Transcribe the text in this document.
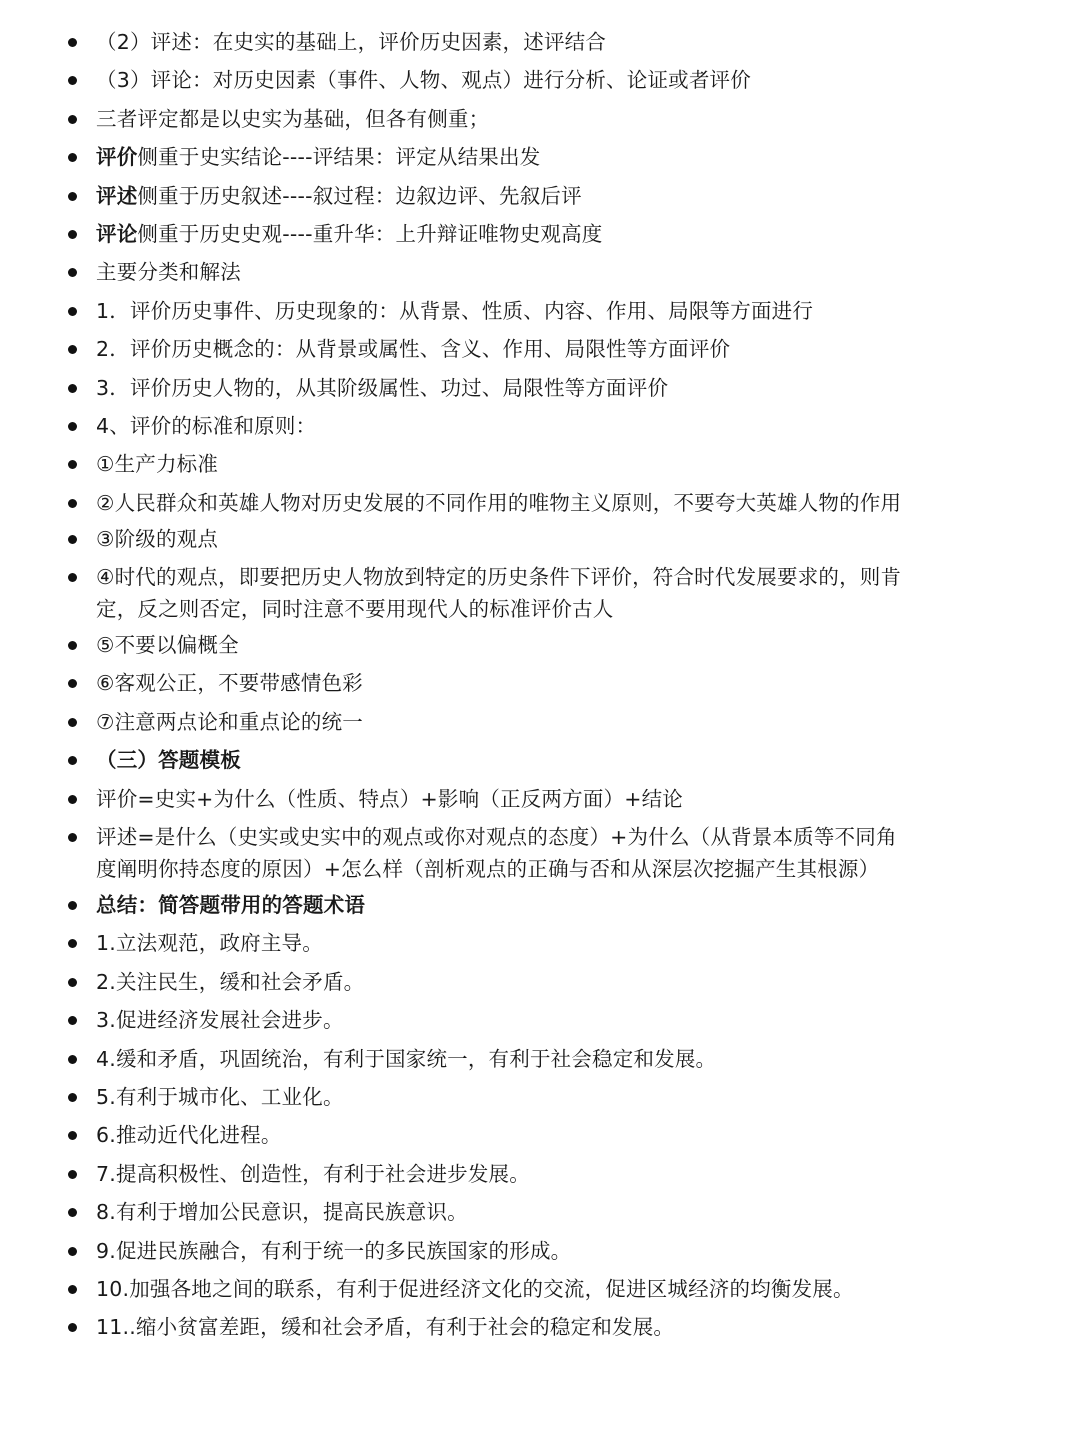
（2）评述：在史实的基础上，评价历史因素，述评结合
（3）评论：对历史因素（事件、人物、观点）进行分析、论证或者评价
三者评定都是以史实为基础，但各有侧重；
评价侧重于史实结论----评结果：评定从结果出发
评述侧重于历史叙述----叙过程：边叙边评、先叙后评
评论侧重于历史史观----重升华：上升辩证唯物史观高度
主要分类和解法
1．评价历史事件、历史现象的：从背景、性质、内容、作用、局限等方面进行
2．评价历史概念的：从背景或属性、含义、作用、局限性等方面评价
3．评价历史人物的，从其阶级属性、功过、局限性等方面评价
4、评价的标准和原则：
①生产力标准
②人民群众和英雄人物对历史发展的不同作用的唯物主义原则，不要夸大英雄人物的作用
③阶级的观点
④时代的观点，即要把历史人物放到特定的历史条件下评价，符合时代发展要求的，则肯定，反之则否定，同时注意不要用现代人的标准评价古人
⑤不要以偏概全
⑥客观公正，不要带感情色彩
⑦注意两点论和重点论的统一
（三）答题模板
评价=史实+为什么（性质、特点）+影响（正反两方面）+结论
评述=是什么（史实或史实中的观点或你对观点的态度）+为什么（从背景本质等不同角度阐明你持态度的原因）+怎么样（剖析观点的正确与否和从深层次挖掘产生其根源）
总结：简答题带用的答题术语
1.立法观范，政府主导。
2.关注民生，缓和社会矛盾。
3.促进经济发展社会进步。
4.缓和矛盾，巩固统治，有利于国家统一，有利于社会稳定和发展。
5.有利于城市化、工业化。
6.推动近代化进程。
7.提高积极性、创造性，有利于社会进步发展。
8.有利于增加公民意识，提高民族意识。
9.促进民族融合，有利于统一的多民族国家的形成。
10.加强各地之间的联系，有利于促进经济文化的交流，促进区城经济的均衡发展。
11..缩小贫富差距，缓和社会矛盾，有利于社会的稳定和发展。
